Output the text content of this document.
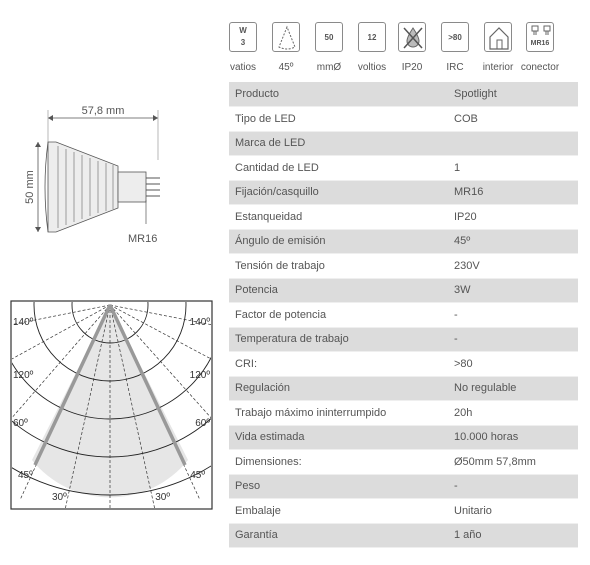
W
3
vatios	45º
50
mmØ
12
voltios	IP20
>80
IRC	interior
MR16
conector
57,8 mm
50 mm
MR16
140º
120º
60º
45º
30º
140º
120º
60º
45º
30º
Producto	Spotlight
Tipo de LED	COB
Marca de LED	
Cantidad de LED	1
Fijación/casquillo	MR16
Estanqueidad	IP20
Ángulo de emisión	45º
Tensión de trabajo	230V
Potencia	3W
Factor de potencia	-
Temperatura de trabajo	-
CRI:	>80
Regulación	No regulable
Trabajo máximo ininterrumpido	20h
Vida estimada	10.000 horas
Dimensiones:	Ø50mm 57,8mm
Peso	-
Embalaje	Unitario
Garantía	1 año
